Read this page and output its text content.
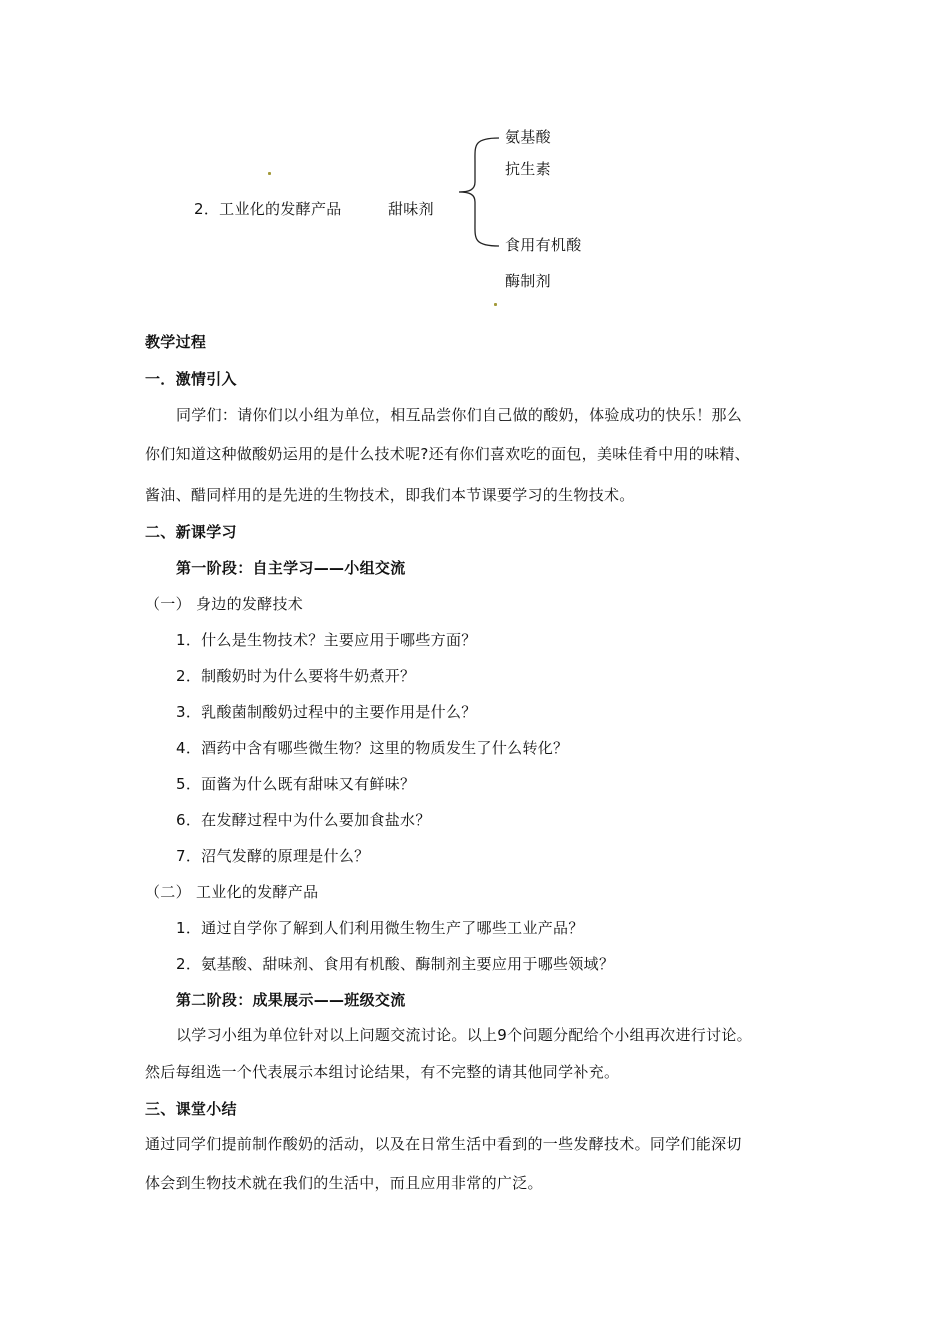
氨基酸
抗生素
2．工业化的发酵产品	甜味剂
食用有机酸
酶制剂
教学过程
一．激情引入
同学们：请你们以小组为单位，相互品尝你们自己做的酸奶，体验成功的快乐！那么
你们知道这种做酸奶运用的是什么技术呢?还有你们喜欢吃的面包，美味佳肴中用的味精、
酱油、醋同样用的是先进的生物技术，即我们本节课要学习的生物技术。
二、新课学习
第一阶段：自主学习——小组交流
（一） 身边的发酵技术
1．什么是生物技术？主要应用于哪些方面？
2．制酸奶时为什么要将牛奶煮开？
3．乳酸菌制酸奶过程中的主要作用是什么？
4．酒药中含有哪些微生物？这里的物质发生了什么转化？
5．面酱为什么既有甜味又有鲜味？
6．在发酵过程中为什么要加食盐水？
7．沼气发酵的原理是什么？
（二） 工业化的发酵产品
1．通过自学你了解到人们利用微生物生产了哪些工业产品？
2．氨基酸、甜味剂、食用有机酸、酶制剂主要应用于哪些领域？
第二阶段：成果展示——班级交流
以学习小组为单位针对以上问题交流讨论。以上9个问题分配给个小组再次进行讨论。
然后每组选一个代表展示本组讨论结果，有不完整的请其他同学补充。
三、课堂小结
通过同学们提前制作酸奶的活动，以及在日常生活中看到的一些发酵技术。同学们能深切
体会到生物技术就在我们的生活中，而且应用非常的广泛。
